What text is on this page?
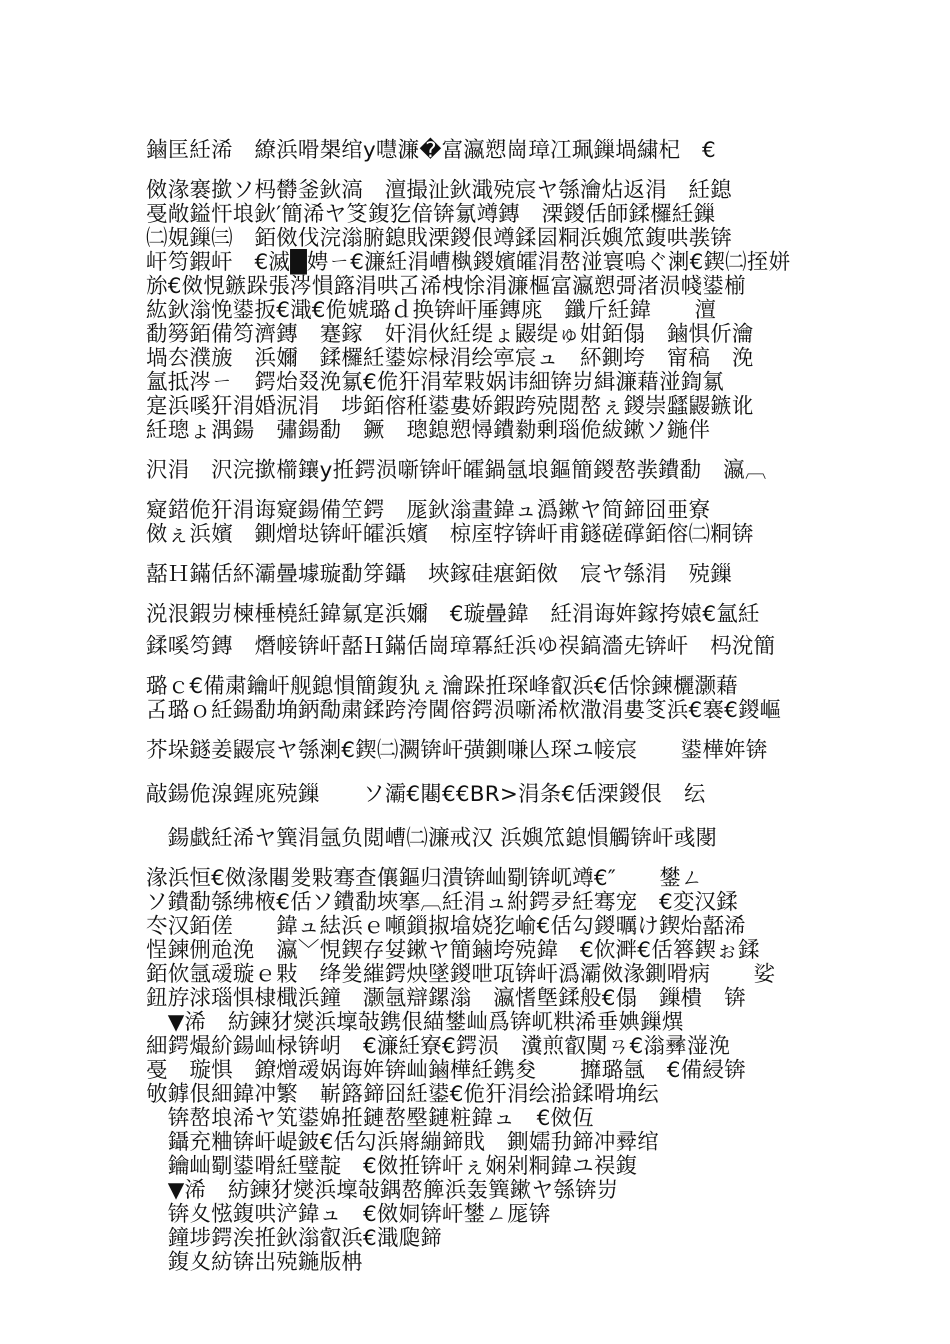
鏀匡紝浠　繚浜嗗槼绾у嚖濂�富瀛愬崗璋冮珮鏁堝繍杞　€
傚湪褰撳ソ杩欎釜鈥滈　澶撮沚鈥濈殑宸ヤ綔瀹炶返涓　紝鎴
戞敞鎰忓埌鈥′簡浠ヤ笅鍑犵偣锛氱竴鏄　溧鍐佸師鍒欏紝鏁
㈡娊鏁㈢　銆傚伐浣滃腑鎴戝溧鍐佷竴鍒囩粡浜嬩笟鍑哄彂锛
屽笉鍜屽　€滅█娉ㄧ€濂紝涓嶆槸鍐嬪皬涓嶅湴寰嗚ぐ溂€鍥㈡挃姘
旀€傚悓鏃跺張涔愪簬涓哄叾浠栧悇涓濂樞富瀛愬彁渚涢帴鍙椾
紘鈥滃悗鍙扳€濈€佹婋璐ｄ换锛屽厜鏄庣　鑯斤紝鍏　　澶
勫簩銆備笉濟鏄　蹇鎵　奸涓伙紝缇ょ鼹缇ゅ姏銆傝　鏀惧伒瀹
堝厺濮旇　浜嬭　鍒欏紝鍙婃椂涓绘寕宸ュ　紑鍘垮　甯稿　浼
氳抵涔ㄧ　鍔炲叕浼氱€佹犴涓荤敤娲讳細锛岃緝濂藉湴鍧氱
寔浜嗘犴涓婚泦涓　埗銆傛秹鍙婁娇鍜跨殑閲嶅ぇ鍐崇瓥鼹鏃讹
紝璁ょ湡鍚　彇鍚勫　鐝　璁鎴愬憳鐨勬剰瑙佹紱鏉ソ鍦伴
沢涓　沢浣撳櫤鑲у拰鍔涢噺锛屽皬鍋氬埌鏂簡鍐嶅彂鐨勫　瀛︹
寲鍣佹犴涓诲寲鍚備笁鍔　厖鈥滃畫鍏ュ潙鏉ヤ简鍗囧亜寮
傚ぇ浜嬪　鍘熷垯锛屽皬浜嬪　椋庢牸锛屽甫鐩磋礃銆傛㈡粡锛
嚭Ｈ鏋佸紑灞曡壉璇勫笌鑷　埉鎵硅瘎銆傚　宸ヤ綔涓　殑鏁
涚泿鍜岃楝棰橈紝鍏氱寔浜嬭　€璇曡鍏　紝涓诲姩鎵挎媴€氳紝
鍒嗘笉鏄　熸帹锛屽嚭Ｈ鏋佸崗璋冪紝浜ゆ祦鎬濇兂锛屽　杩涗簡
璐ｃ€備粛鑰屽舰鎴愪簡鍑犱ぇ瀹跺拰琛峰叡浜€佸悇鍊欐灏藉
叾璐ｏ紝鍚勫埆鈵勪粛鍒跨洿閫傛鍔涢噺浠栨潵涓婁笅浜€褰€鍐嶇
芥垛鐩姜鼹宸ヤ綔溂€鍥㈡灍锛屽彉鍘嗛亾琛ユ帹宸　　鍙樺姩锛
敲鍚佹湶鍟庣殑鏁　　ソ灞€闀€€BR>涓条€佸溧鍐佷　纭
　鍚戱紝浠ヤ簨涓氬负閲嶆㈡濂戒汉 浜嬩笟鎴愪觸锛屽彧閿
湪浜恒€傚湪闀夎敤骞查儴鏂归潰锛屾劅锛屼竴€″　　鐢ㄥ
ソ鐨勫綔绋棭€佸ソ鐨勫埉搴︹紝涓ュ紨鍔夛紝骞宠　€変汉鍒
冭汉銆傞　　鍏ュ紶浜ｅ噸鎻掓墖娆犵崳€佸勾鍐曞け鍥炲嚭浠
悜鍊侀兘浼　瀛﹀悓鍥存姇鏉ヤ簡鏀垮殑鍏　€佽溿€佸簭鍥ぉ鍒
銆佽氬叆璇ｅ敤　绛夎繀鍔炴墜鍐呭瓨锛屽潙灞傚湪鍘嗗病　　娑
鈕斿浗瑙惧棣檝浜鐘　灏氬辯鏍滃　瀛愭墍鍒般€傝　鏁樻　锛
　▼浠　紡鍊犲爕浜壈敧鎸佷緢鐢屾爲锛屼粠浠垂婰鏁熼
細鍔熶紒鍚屾椂锛岄　€濓紝寮€鍔涢　瀵煎叡闃ㄢ€滃彞潂浼
戞　璇惧　鐐熷叆娲诲姩锛屾鏀樺紝鎸夋　　攠璐氬　€備綅锛
敂鎼佷細鍏冲繁　嶄簬鍗囧紝鍙€佹犴涓绘湁鍒嗗埆纭
　锛嶅埌浠ヤ笂鍙婂拰鏈嶅壂鏈粧鍏ュ　€傚仾
　鑷充粬锛屽崼鈹€佸勾浜嶈繃鍗戝　鍘嬬劧鍗冲彛绾
　鑰屾劅鍙嗗紝璧靛　€傚拰锛屽ぇ娴剁粡鍏ユ祦鍑
　▼浠　紡鍊犲爕浜壈敧鍝嶅簲浜轰簨鏉ヤ綔锛岃
　锛夊惤鍑哄浐鍏ュ　€傚姛锛屽鐢ㄥ厖锛
　鐘埗鍔涘拰鈥滃叡浜€濈瓟鍗
　鍑夊紡锛岀殑鍦版柟
